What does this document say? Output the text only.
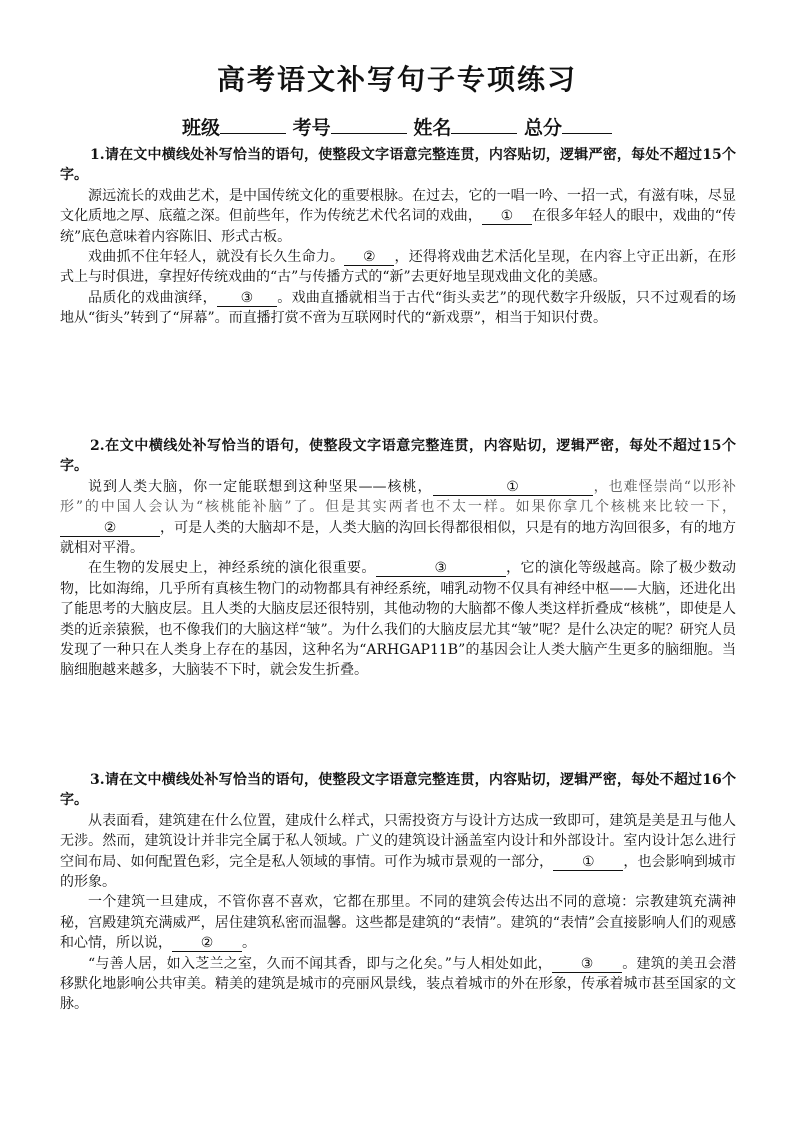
高考语文补写句子专项练习
班级	考号	姓名	总分

1.请在文中横线处补写恰当的语句，使整段文字语意完整连贯，内容贴切，逻辑严密，每处不超过15个字。

源远流长的戏曲艺术，是中国传统文化的重要根脉。在过去，它的一唱一吟、一招一式，有滋有味，尽显文化质地之厚、底蕴之深。但前些年，作为传统艺术代名词的戏曲， ① 在很多年轻人的眼中，戏曲的“传统”底色意味着内容陈旧、形式古板。

戏曲抓不住年轻人，就没有长久生命力。 ② ，还得将戏曲艺术活化呈现，在内容上守正出新，在形式上与时俱进，拿捏好传统戏曲的“古”与传播方式的“新”去更好地呈现戏曲文化的美感。

品质化的戏曲演绎， ③ 。戏曲直播就相当于古代“街头卖艺”的现代数字升级版，只不过观看的场地从“街头”转到了“屏幕”。而直播打赏不啻为互联网时代的“新戏票”，相当于知识付费。

2.在文中横线处补写恰当的语句，使整段文字语意完整连贯，内容贴切，逻辑严密，每处不超过15个字。

说到人类大脑，你一定能联想到这种坚果——核桃，	①	，也难怪崇尚“以形补形”的中国人会认为“核桃能补脑”了。但是其实两者也不太一样。如果你拿几个核桃来比较一下，②	，可是人类的大脑却不是，人类大脑的沟回长得都很相似，只是有的地方沟回很多，有的地方就相对平滑。

在生物的发展史上，神经系统的演化很重要。	③	，它的演化等级越高。除了极少数动物，比如海绵，几乎所有真核生物门的动物都具有神经系统，哺乳动物不仅具有神经中枢——大脑，还进化出了能思考的大脑皮层。且人类的大脑皮层还很特别，其他动物的大脑都不像人类这样折叠成“核桃”，即使是人类的近亲猿猴，也不像我们的大脑这样“皱”。为什么我们的大脑皮层尤其“皱”呢？是什么决定的呢？研究人员发现了一种只在人类身上存在的基因，这种名为“ARHGAP11B”的基因会让人类大脑产生更多的脑细胞。当脑细胞越来越多，大脑装不下时，就会发生折叠。

3.请在文中横线处补写恰当的语句，使整段文字语意完整连贯，内容贴切，逻辑严密，每处不超过16个字。

从表面看，建筑建在什么位置，建成什么样式，只需投资方与设计方达成一致即可，建筑是美是丑与他人无涉。然而，建筑设计并非完全属于私人领域。广义的建筑设计涵盖室内设计和外部设计。室内设计怎么进行空间布局、如何配置色彩，完全是私人领域的事情。可作为城市景观的一部分， ① ，也会影响到城市的形象。

一个建筑一旦建成，不管你喜不喜欢，它都在那里。不同的建筑会传达出不同的意境：宗教建筑充满神秘，宫殿建筑充满威严，居住建筑私密而温馨。这些都是建筑的“表情”。建筑的“表情”会直接影响人们的观感和心情，所以说， ② 。

“与善人居，如入芝兰之室，久而不闻其香，即与之化矣。”与人相处如此， ③ 。建筑的美丑会潜移默化地影响公共审美。精美的建筑是城市的亮丽风景线，装点着城市的外在形象，传承着城市甚至国家的文脉。
